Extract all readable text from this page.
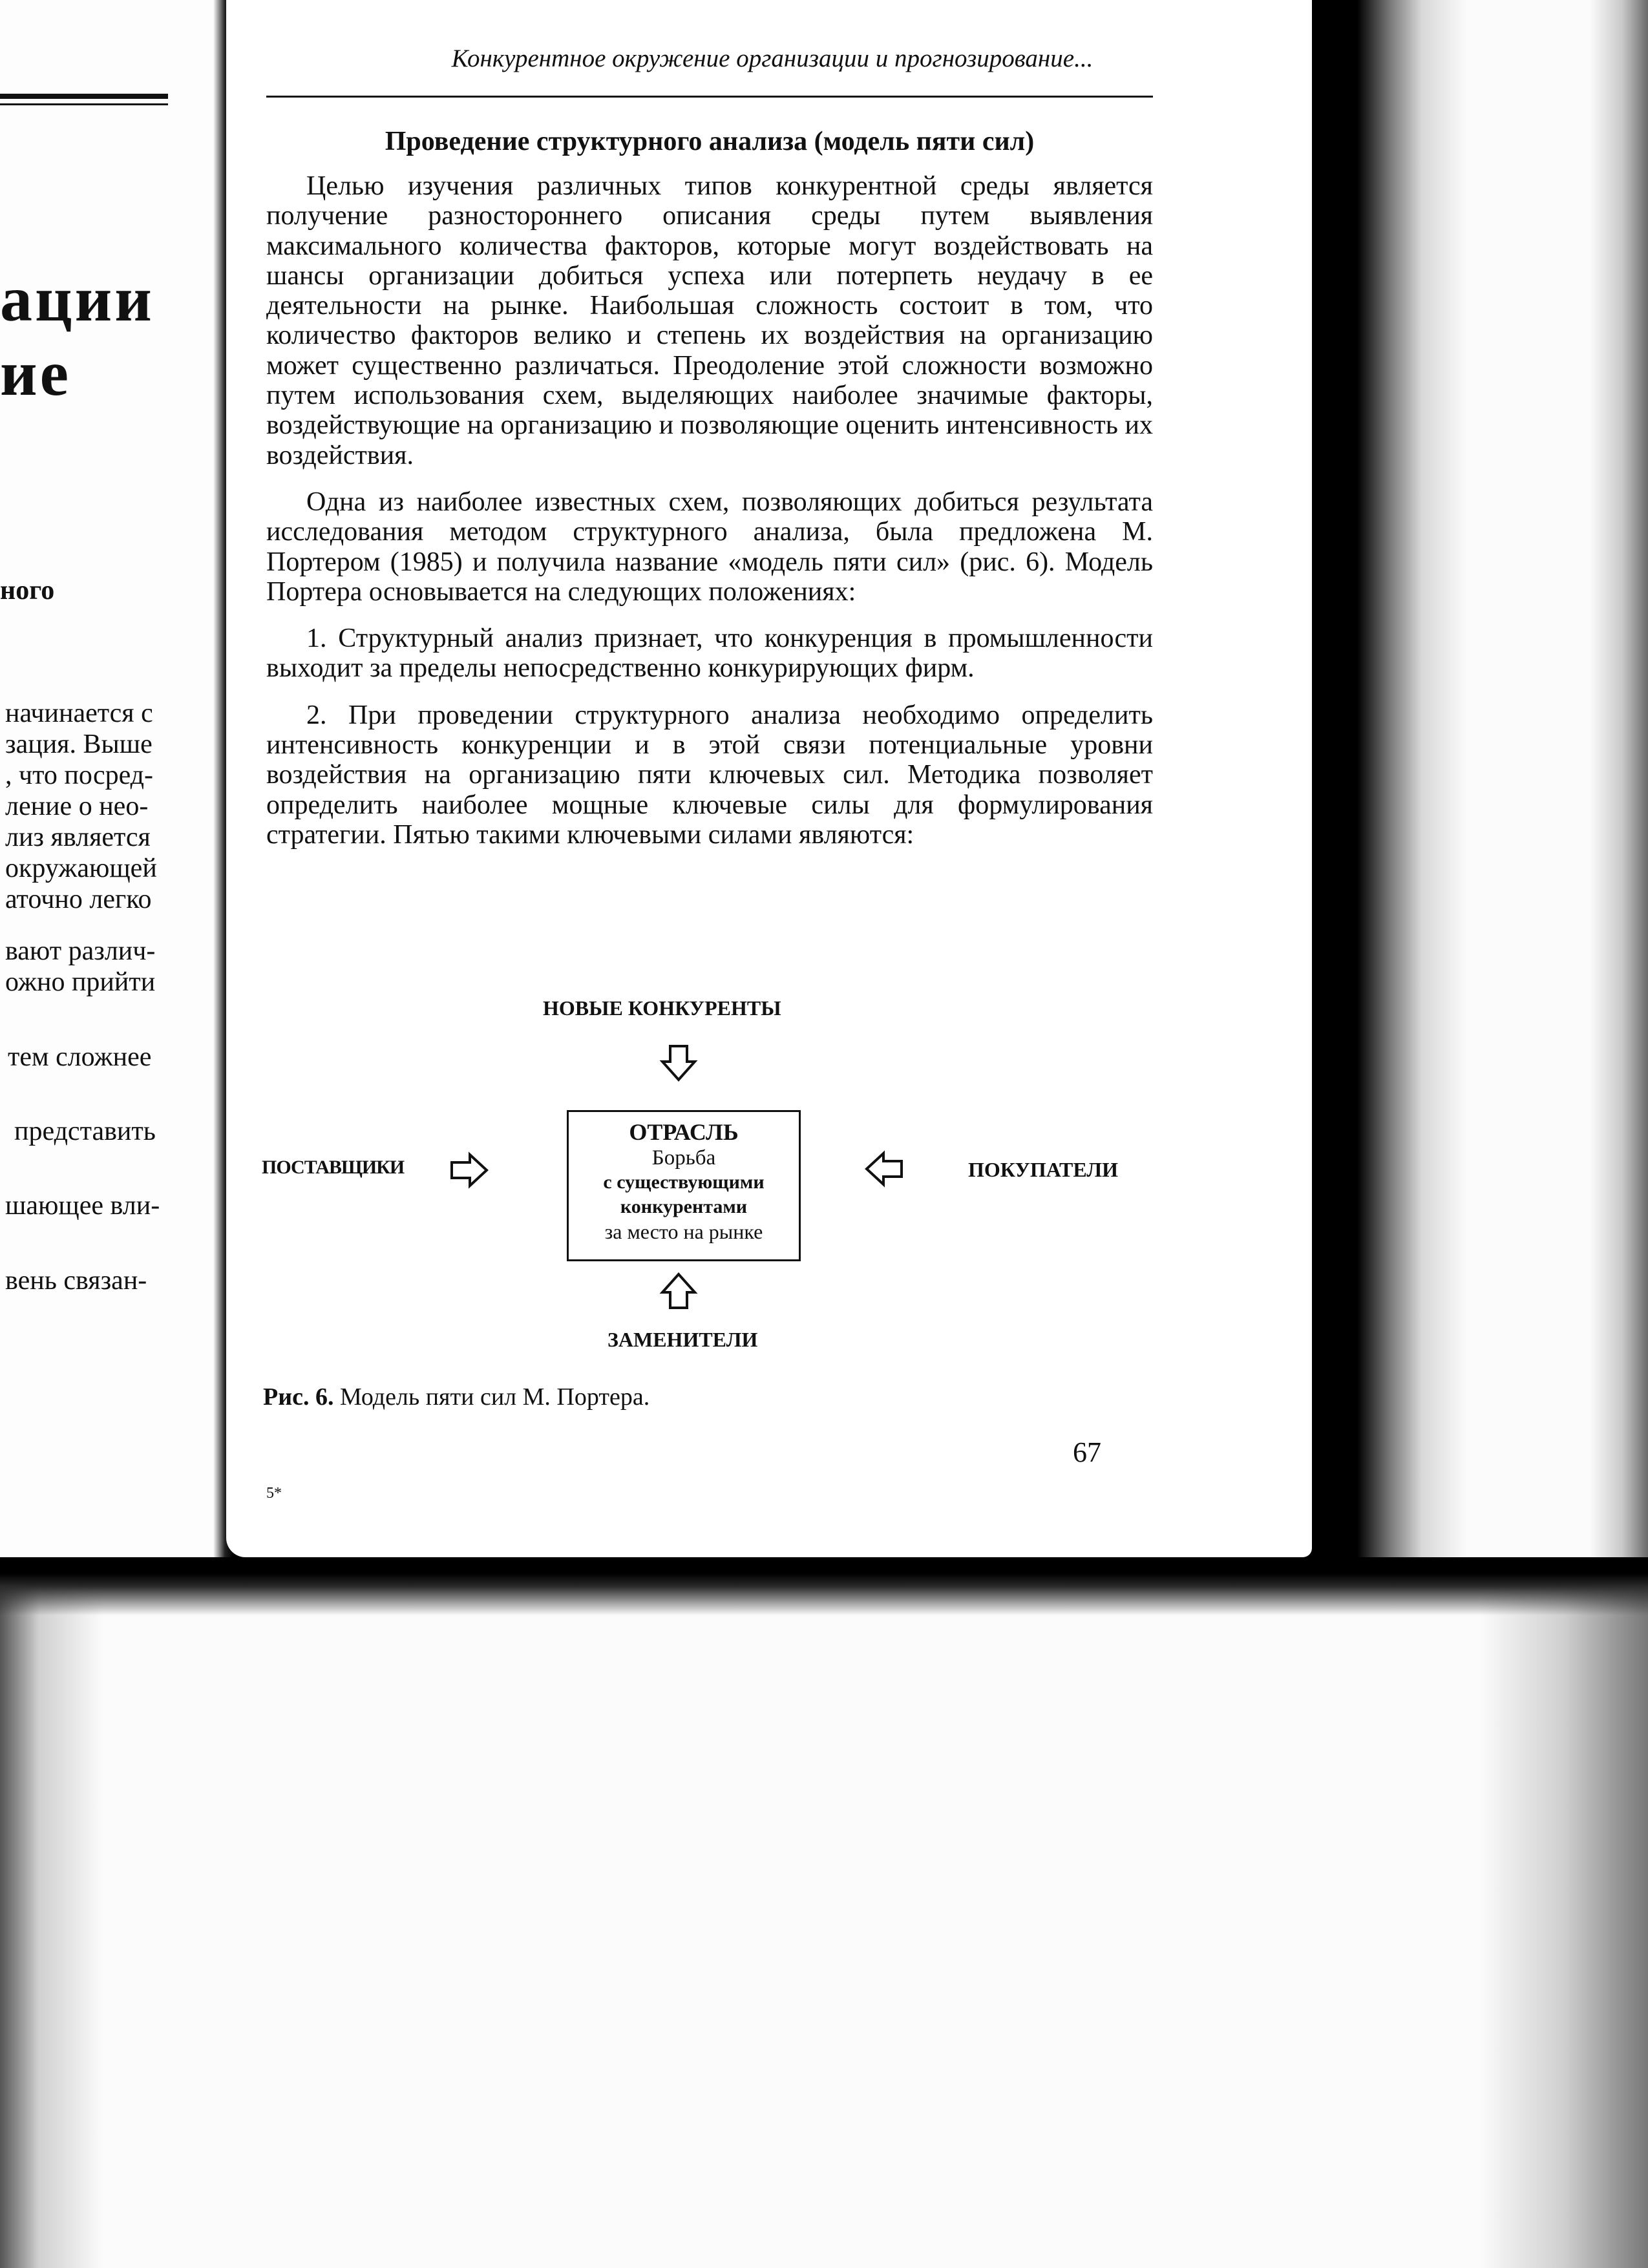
ации
ие
ного
начинается с
зация. Выше
, что посред-
ление о нео-
лиз является
окружающей
аточно легко
вают различ-
ожно прийти
тем сложнее
представить
шающее вли-
вень связан-
Конкурентное окружение организации и прогнозирование...
Проведение структурного анализа (модель пяти сил)

Целью изучения различных типов конкурентной среды является получение разностороннего описания среды путем выявления максимального количества факторов, которые могут воздействовать на шансы организации добиться успеха или потерпеть неудачу в ее деятельности на рынке. Наибольшая сложность состоит в том, что количество факторов велико и степень их воздействия на организацию может существенно различаться. Преодоление этой сложности возможно путем использования схем, выделяющих наиболее значимые факторы, воздействующие на организацию и позволяющие оценить интенсивность их воздействия.

Одна из наиболее известных схем, позволяющих добиться результата исследования методом структурного анализа, была предложена М. Портером (1985) и получила название «модель пяти сил» (рис. 6). Модель Портера основывается на следующих положениях:

1. Структурный анализ признает, что конкуренция в промышленности выходит за пределы непосредственно конкурирующих фирм.

2. При проведении структурного анализа необходимо определить интенсивность конкуренции и в этой связи потенциальные уровни воздействия на организацию пяти ключевых сил. Методика позволяет определить наиболее мощные ключевые силы для формулирования стратегии. Пятью такими ключевыми силами являются:

НОВЫЕ КОНКУРЕНТЫ
ПОСТАВЩИКИ
ОТРАСЛЬ
Борьба
с существующими
конкурентами
за место на рынке
ПОКУПАТЕЛИ
ЗАМЕНИТЕЛИ
Рис. 6. Модель пяти сил М. Портера.
67
5*
